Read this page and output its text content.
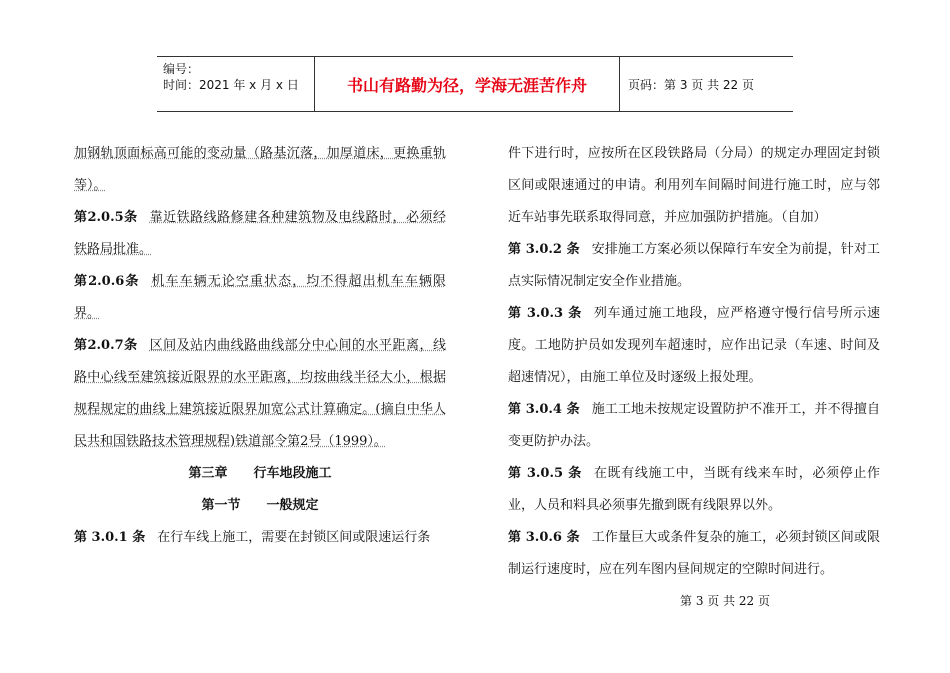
编号：
时间：2021 年 x 月 x 日	书山有路勤为径，学海无涯苦作舟	页码：第 3 页 共 22 页

加钢轨顶面标高可能的变动量（路基沉落，加厚道床，更换重轨等）。

第2.0.5条 靠近铁路线路修建各种建筑物及电线路时，必须经铁路局批准。

第2.0.6条 机车车辆无论空重状态，均不得超出机车车辆限界。

第2.0.7条 区间及站内曲线路曲线部分中心间的水平距离，线路中心线至建筑接近限界的水平距离，均按曲线半径大小，根据规程规定的曲线上建筑接近限界加宽公式计算确定。(摘自中华人民共和国铁路技术管理规程)铁道部令第2号（1999）。

第三章　　行车地段施工

第一节　　一般规定

第 3.0.1 条 在行车线上施工，需要在封锁区间或限速运行条

件下进行时，应按所在区段铁路局（分局）的规定办理固定封锁区间或限速通过的申请。利用列车间隔时间进行施工时，应与邻近车站事先联系取得同意，并应加强防护措施。（自加）

第 3.0.2 条 安排施工方案必须以保障行车安全为前提，针对工点实际情况制定安全作业措施。

第 3.0.3 条 列车通过施工地段，应严格遵守慢行信号所示速度。工地防护员如发现列车超速时，应作出记录（车速、时间及超速情况），由施工单位及时逐级上报处理。

第 3.0.4 条 施工工地未按规定设置防护不准开工，并不得擅自变更防护办法。

第 3.0.5 条 在既有线施工中，当既有线来车时，必须停止作业，人员和料具必须事先撤到既有线限界以外。

第 3.0.6 条 工作量巨大或条件复杂的施工，必须封锁区间或限制运行速度时，应在列车图内昼间规定的空隙时间进行。

第 3 页 共 22 页
